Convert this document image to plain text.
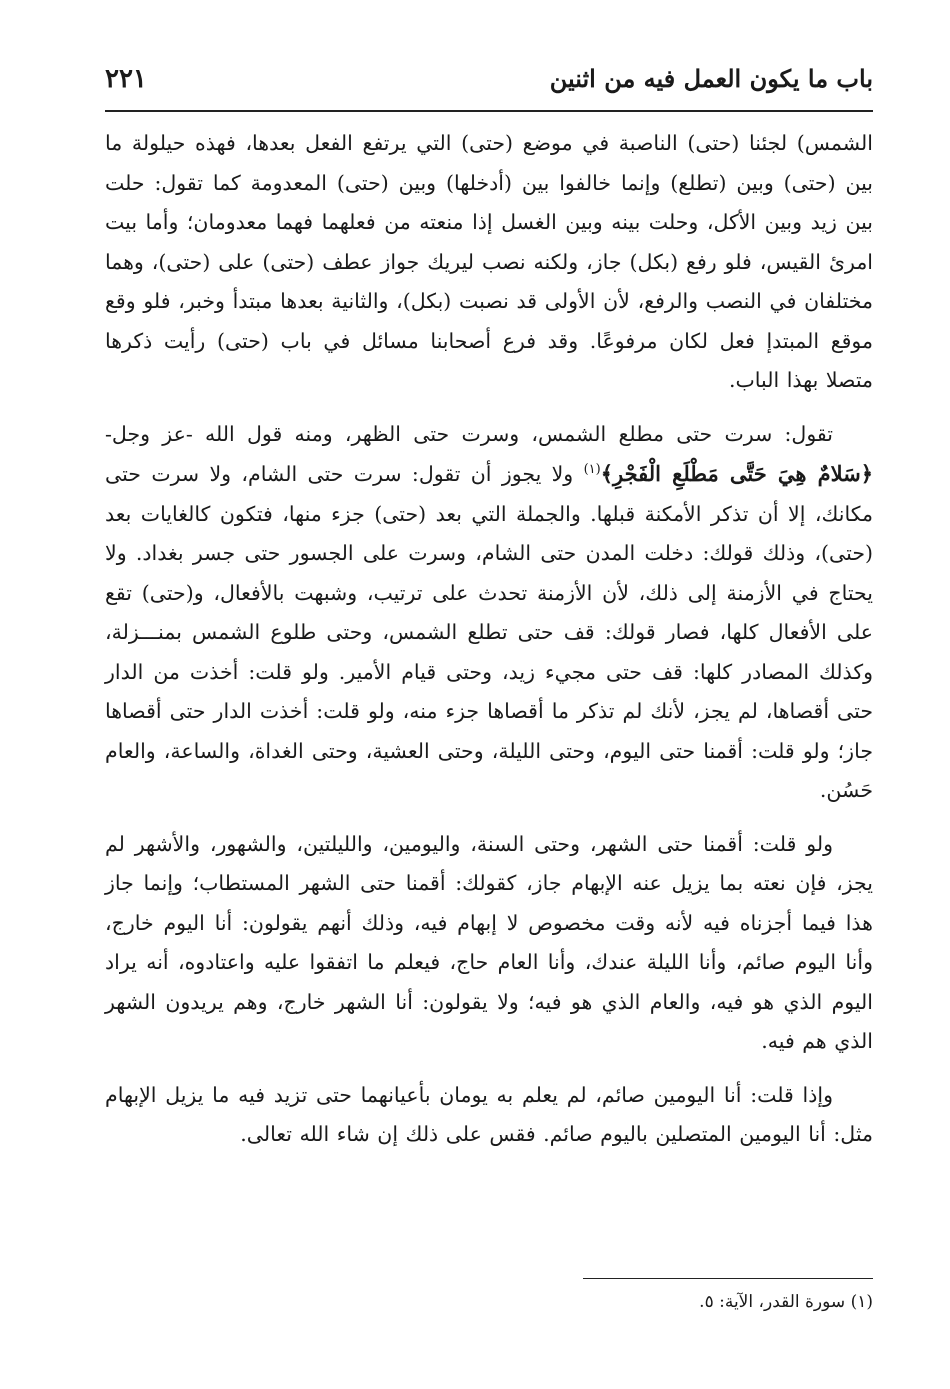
باب ما يكون العمل فيه من اثنين
٢٢١

الشمس) لجئنا (حتى) الناصبة في موضع (حتى) التي يرتفع الفعل بعدها، فهذه حيلولة ما بين (حتى) وبين (تطلع) وإنما خالفوا بين (أدخلها) وبين (حتى) المعدومة كما تقول: حلت بين زيد وبين الأكل، وحلت بينه وبين الغسل إذا منعته من فعلهما فهما معدومان؛ وأما بيت امرئ القيس، فلو رفع (بكل) جاز، ولكنه نصب ليريك جواز عطف (حتى) على (حتى)، وهما مختلفان في النصب والرفع، لأن الأولى قد نصبت (بكل)، والثانية بعدها مبتدأ وخبر، فلو وقع موقع المبتدإ فعل لكان مرفوعًا. وقد فرع أصحابنا مسائل في باب (حتى) رأيت ذكرها متصلا بهذا الباب.

تقول: سرت حتى مطلع الشمس، وسرت حتى الظهر، ومنه قول الله -عز وجل- ﴿سَلامٌ هِيَ حَتَّى مَطْلَعِ الْفَجْرِ﴾$^{(١)}$ ولا يجوز أن تقول: سرت حتى الشام، ولا سرت حتى مكانك، إلا أن تذكر الأمكنة قبلها. والجملة التي بعد (حتى) جزء منها، فتكون كالغايات بعد (حتى)، وذلك قولك: دخلت المدن حتى الشام، وسرت على الجسور حتى جسر بغداد. ولا يحتاج في الأزمنة إلى ذلك، لأن الأزمنة تحدث على ترتيب، وشبهت بالأفعال، و(حتى) تقع على الأفعال كلها، فصار قولك: قف حتى تطلع الشمس، وحتى طلوع الشمس بمنـــزلة، وكذلك المصادر كلها: قف حتى مجيء زيد، وحتى قيام الأمير. ولو قلت: أخذت من الدار حتى أقصاها، لم يجز، لأنك لم تذكر ما أقصاها جزء منه، ولو قلت: أخذت الدار حتى أقصاها جاز؛ ولو قلت: أقمنا حتى اليوم، وحتى الليلة، وحتى العشية، وحتى الغداة، والساعة، والعام حَسُن.

ولو قلت: أقمنا حتى الشهر، وحتى السنة، واليومين، والليلتين، والشهور، والأشهر لم يجز، فإن نعته بما يزيل عنه الإبهام جاز، كقولك: أقمنا حتى الشهر المستطاب؛ وإنما جاز هذا فيما أجزناه فيه لأنه وقت مخصوص لا إبهام فيه، وذلك أنهم يقولون: أنا اليوم خارج، وأنا اليوم صائم، وأنا الليلة عندك، وأنا العام حاج، فيعلم ما اتفقوا عليه واعتادوه، أنه يراد اليوم الذي هو فيه، والعام الذي هو فيه؛ ولا يقولون: أنا الشهر خارج، وهم يريدون الشهر الذي هم فيه.

وإذا قلت: أنا اليومين صائم، لم يعلم به يومان بأعيانهما حتى تزيد فيه ما يزيل الإبهام مثل: أنا اليومين المتصلين باليوم صائم. فقس على ذلك إن شاء الله تعالى.

(١) سورة القدر، الآية: ٥.
